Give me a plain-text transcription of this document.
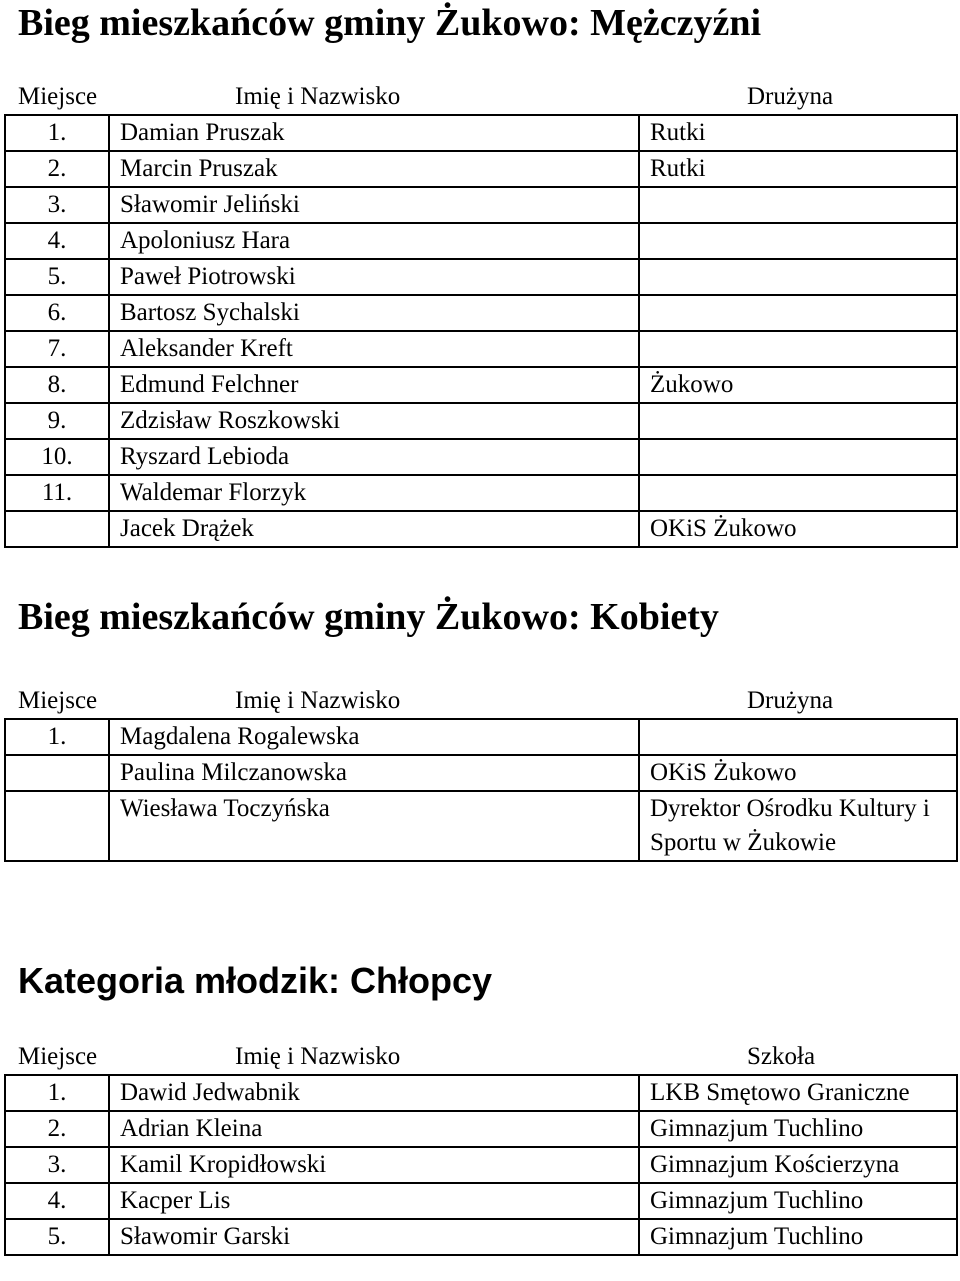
Bieg mieszkańców gminy Żukowo: Mężczyźni
Miejsce	Imię i Nazwisko	Drużyna
1.	Damian Pruszak	Rutki
2.	Marcin Pruszak	Rutki
3.	Sławomir Jeliński	
4.	Apoloniusz Hara	
5.	Paweł Piotrowski	
6.	Bartosz Sychalski	
7.	Aleksander Kreft	
8.	Edmund Felchner	Żukowo
9.	Zdzisław Roszkowski	
10.	Ryszard Lebioda	
11.	Waldemar Florzyk	
	Jacek Drążek	OKiS Żukowo
Bieg mieszkańców gminy Żukowo: Kobiety
Miejsce	Imię i Nazwisko	Drużyna
1.	Magdalena Rogalewska	
	Paulina Milczanowska	OKiS Żukowo
	Wiesława Toczyńska	Dyrektor Ośrodku Kultury i Sportu w Żukowie
Kategoria młodzik: Chłopcy
Miejsce	Imię i Nazwisko	Szkoła
1.	Dawid Jedwabnik	LKB Smętowo Graniczne
2.	Adrian Kleina	Gimnazjum Tuchlino
3.	Kamil Kropidłowski	Gimnazjum Kościerzyna
4.	Kacper Lis	Gimnazjum Tuchlino
5.	Sławomir Garski	Gimnazjum Tuchlino
